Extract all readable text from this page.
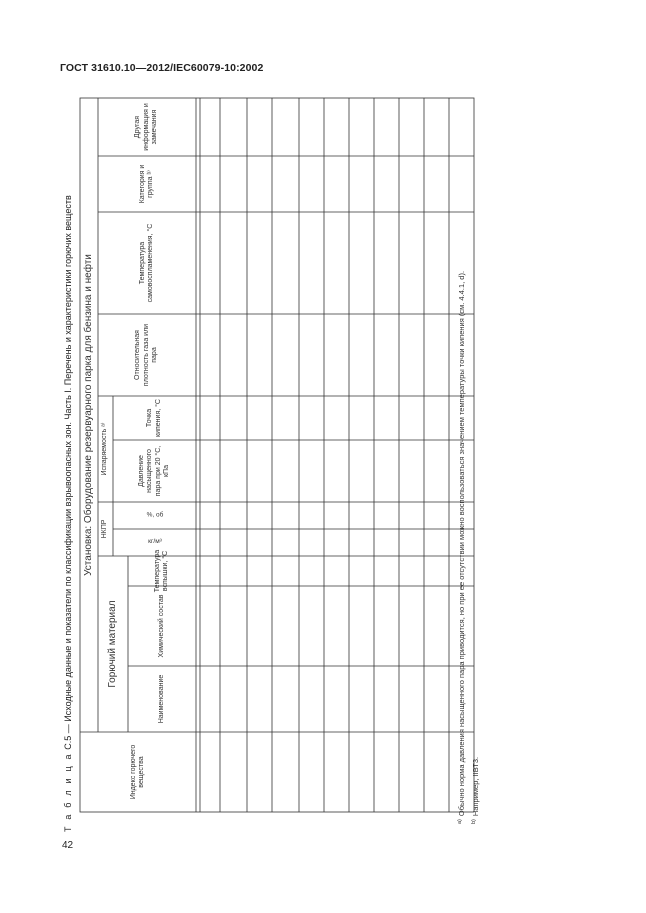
ГОСТ 31610.10—2012/IEC60079-10:2002
Т а б л и ц а С.5 — Исходные данные и показатели по классификации взрывоопасных зон. Часть I. Перечень и характеристики горючих веществ
Индекс горючего вещества
Установка: Оборудование резервуарного парка для бензина и нефти
Горючий материал
Наименование
Химический состав
Температура вспышки, °С
НКПР
кг/м³
%, об
Испаряемость ᵃ⁾	Давление насыщенного пара при 20 °С, кПа
Точка кипения, °С
Относительная плотность газа или пара
Температура самовоспламенения, °С
Категория и группа ᵇ⁾
Другая информация и замечания
$^{a)}$Обычно норма давления насыщенного пара приводится, но при ее отсутствии можно воспользоваться значением температуры точки кипения (см. 4.4.1, d).
$^{b)}$Например, IIВТ3.
42
